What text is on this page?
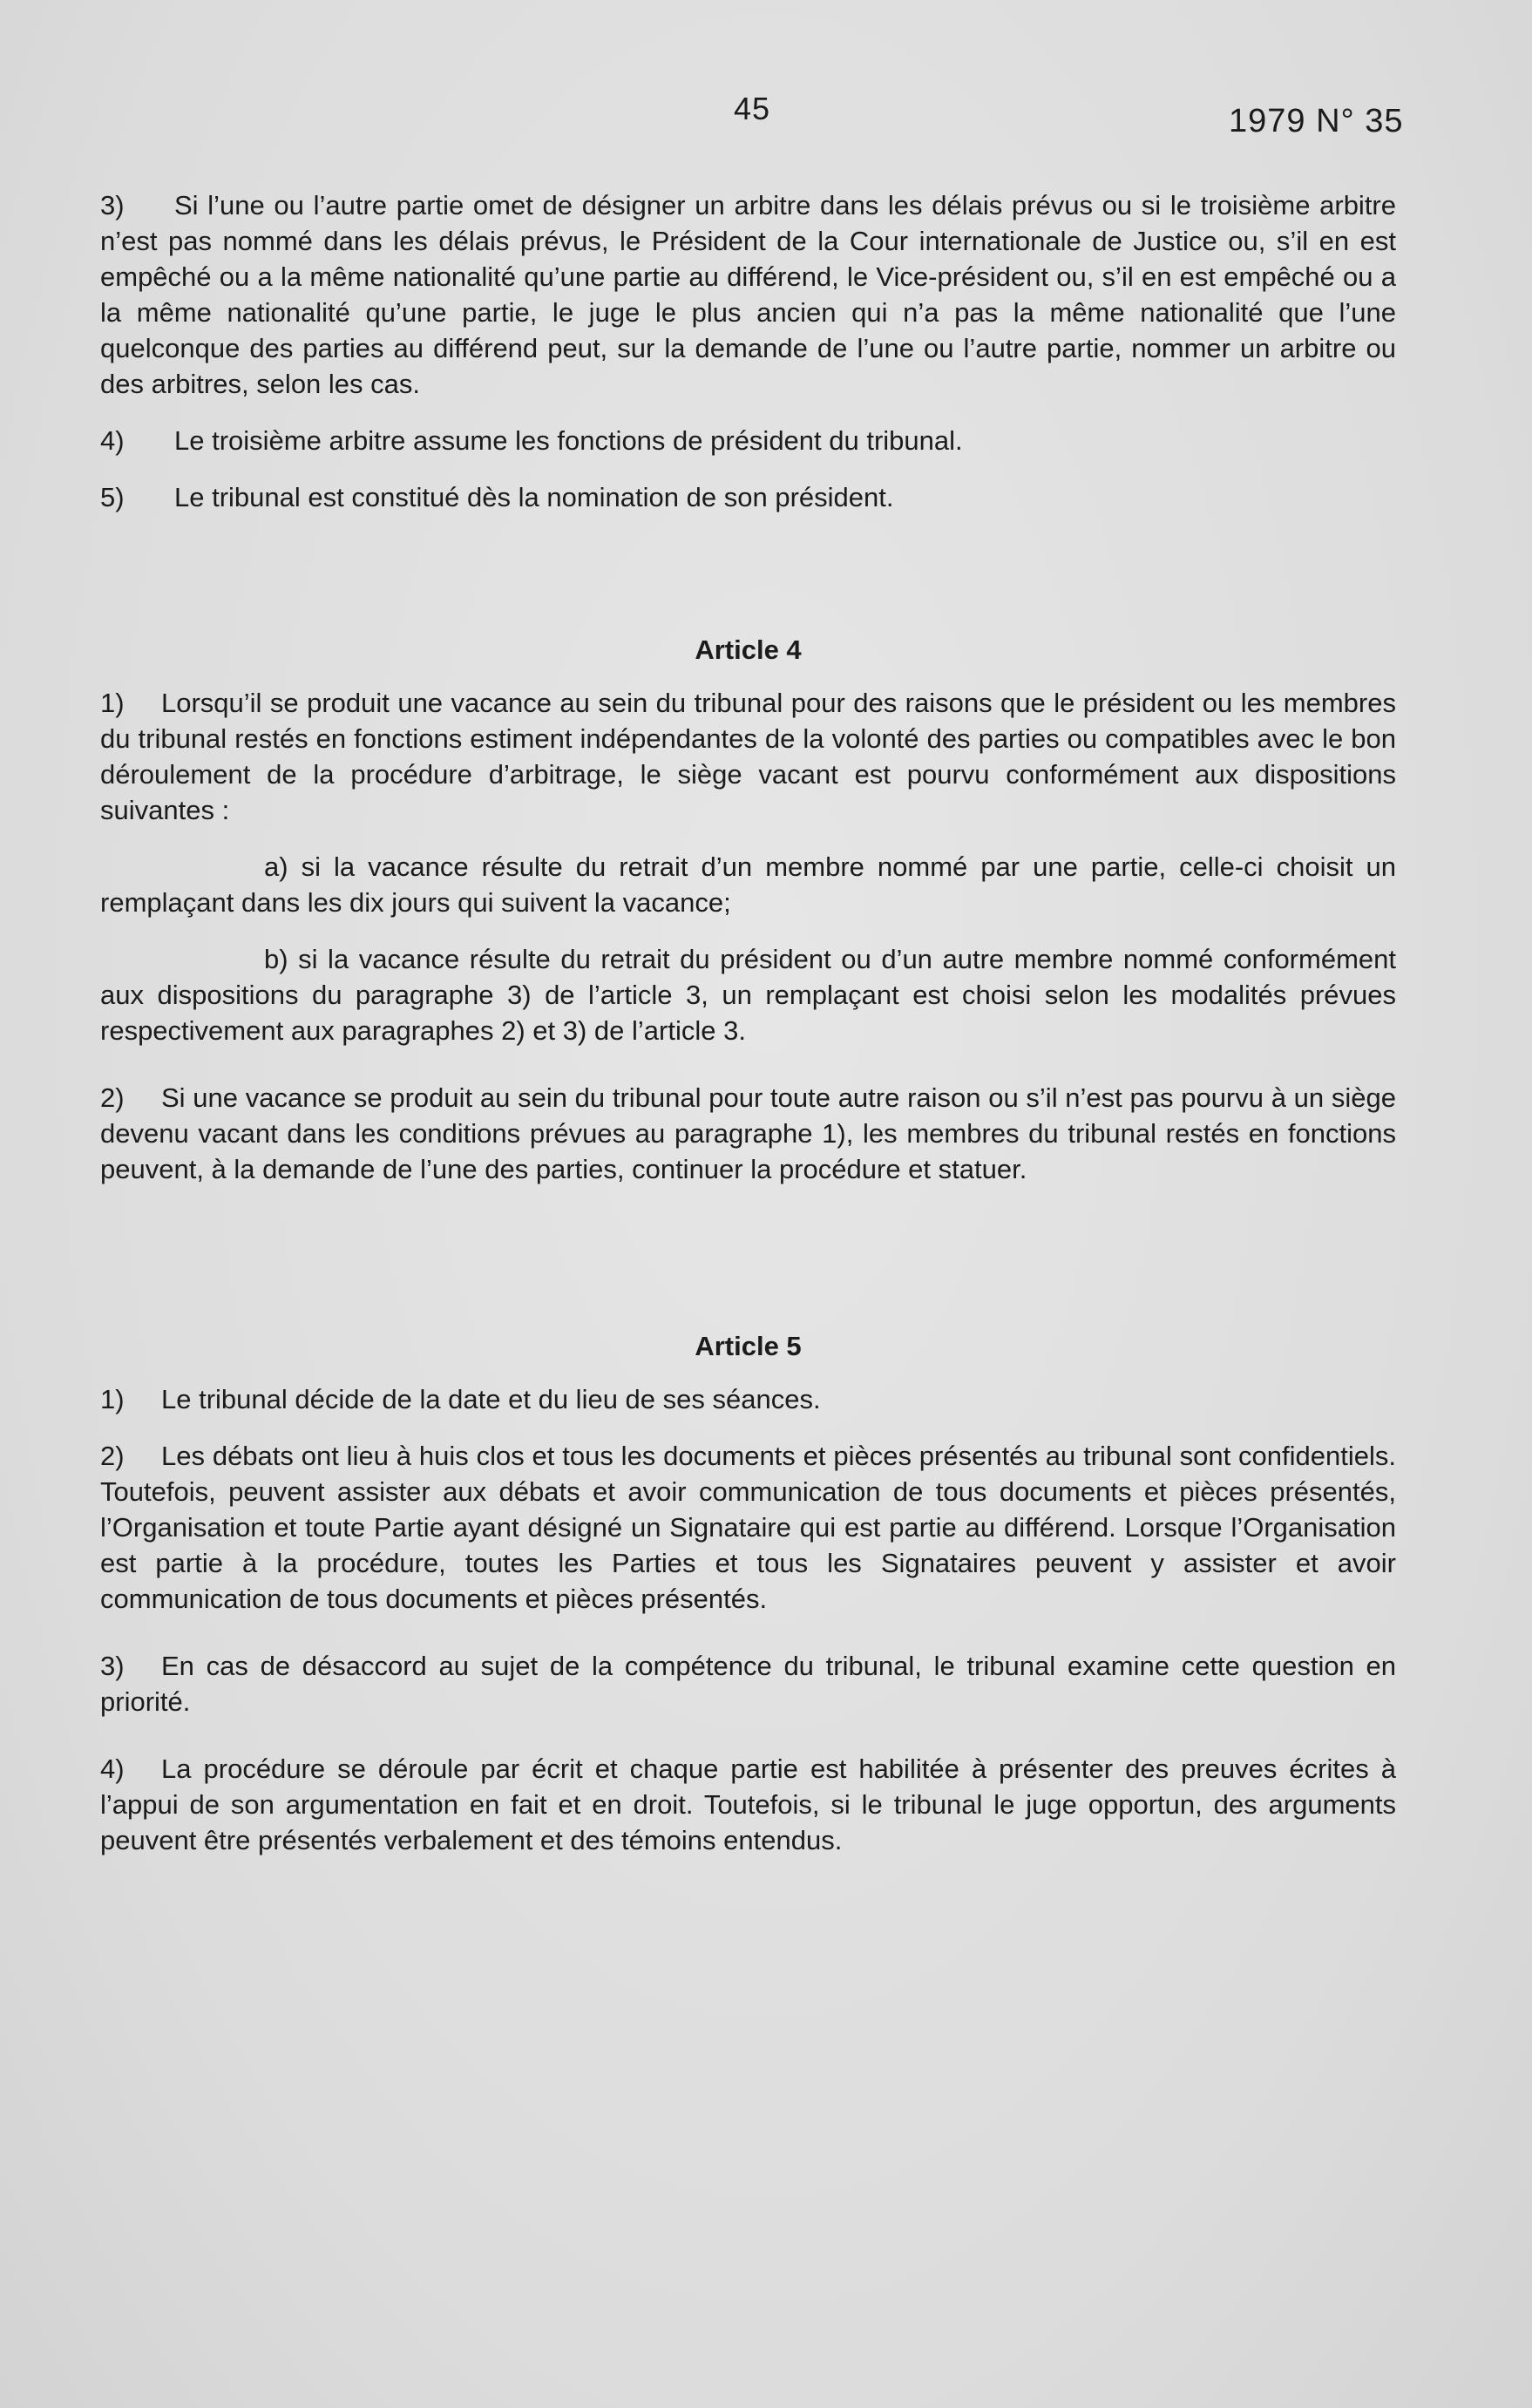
45	1979 N° 35

3) Si l’une ou l’autre partie omet de désigner un arbitre dans les délais prévus ou si le troisième arbitre n’est pas nommé dans les délais prévus, le Président de la Cour internationale de Justice ou, s’il en est empêché ou a la même nationalité qu’une partie au différend, le Vice-président ou, s’il en est empêché ou a la même nationalité qu’une partie, le juge le plus ancien qui n’a pas la même nationalité que l’une quelconque des parties au différend peut, sur la demande de l’une ou l’autre partie, nommer un arbitre ou des arbitres, selon les cas.

4) Le troisième arbitre assume les fonctions de président du tribunal.

5) Le tribunal est constitué dès la nomination de son président.

Article 4

1) Lorsqu’il se produit une vacance au sein du tribunal pour des raisons que le président ou les membres du tribunal restés en fonctions estiment indépendantes de la volonté des parties ou compatibles avec le bon déroulement de la procédure d’arbitrage, le siège vacant est pourvu conformément aux dispositions suivantes :

a) si la vacance résulte du retrait d’un membre nommé par une partie, celle-ci choisit un remplaçant dans les dix jours qui suivent la vacance;

b) si la vacance résulte du retrait du président ou d’un autre membre nommé conformément aux dispositions du paragraphe 3) de l’article 3, un remplaçant est choisi selon les modalités prévues respectivement aux paragraphes 2) et 3) de l’article 3.

2) Si une vacance se produit au sein du tribunal pour toute autre raison ou s’il n’est pas pourvu à un siège devenu vacant dans les conditions prévues au paragraphe 1), les membres du tribunal restés en fonctions peuvent, à la demande de l’une des parties, continuer la procédure et statuer.

Article 5

1) Le tribunal décide de la date et du lieu de ses séances.

2) Les débats ont lieu à huis clos et tous les documents et pièces présentés au tribunal sont confidentiels. Toutefois, peuvent assister aux débats et avoir communication de tous documents et pièces présentés, l’Organisation et toute Partie ayant désigné un Signataire qui est partie au différend. Lorsque l’Organisation est partie à la procédure, toutes les Parties et tous les Signataires peuvent y assister et avoir communication de tous documents et pièces présentés.

3) En cas de désaccord au sujet de la compétence du tribunal, le tribunal examine cette question en priorité.

4) La procédure se déroule par écrit et chaque partie est habilitée à présenter des preuves écrites à l’appui de son argumentation en fait et en droit. Toutefois, si le tribunal le juge opportun, des arguments peuvent être présentés verbalement et des témoins entendus.
